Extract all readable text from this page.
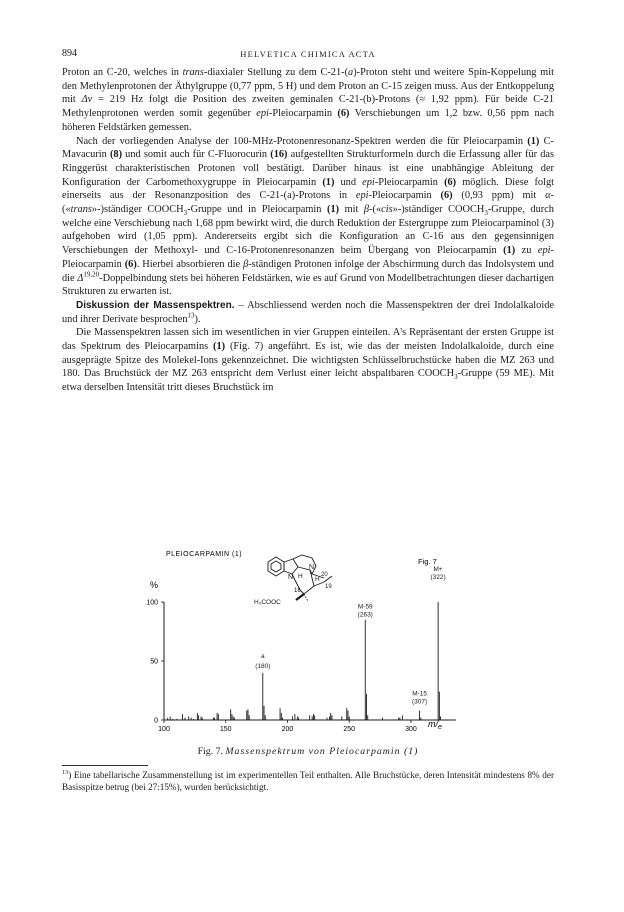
894	HELVETICA CHIMICA ACTA

Proton an C-20, welches in trans-diaxialer Stellung zu dem C-21-(a)-Proton steht und weitere Spin-Koppelung mit den Methylenprotonen der Äthylgruppe (0,77 ppm, 5 H) und dem Proton an C-15 zeigen muss. Aus der Entkoppelung mit Δν = 219 Hz folgt die Position des zweiten geminalen C-21-(b)-Protons (≈ 1,92 ppm). Für beide C-21 Methylenprotonen werden somit gegenüber epi-Pleiocarpamin (6) Verschiebungen um 1,2 bzw. 0,56 ppm nach höheren Feldstärken gemessen.

Nach der vorliegenden Analyse der 100-MHz-Protonenresonanz-Spektren werden die für Pleiocarpamin (1) C-Mavacurin (8) und somit auch für C-Fluorocurin (16) aufgestellten Strukturformeln durch die Erfassung aller für das Ringgerüst charakteristischen Protonen voll bestätigt. Darüber hinaus ist eine unabhängige Ableitung der Konfiguration der Carbomethoxygruppe in Pleiocarpamin (1) und epi-Pleiocarpamin (6) möglich. Diese folgt einerseits aus der Resonanzposition des C-21-(a)-Protons in epi-Pleiocarpamin (6) (0,93 ppm) mit α-(«trans»-)ständiger $COOCH_3$-Gruppe und in Pleiocarpamin (1) mit β-(«cis»-)ständiger $COOCH_3$-Gruppe, durch welche eine Verschiebung nach 1,68 ppm bewirkt wird, die durch Reduktion der Estergruppe zum Pleiocarpaminol (3) aufgehoben wird (1,05 ppm). Andererseits ergibt sich die Konfiguration an C-16 aus den gegensinnigen Verschiebungen der Methoxyl- und C-16-Protonenresonanzen beim Übergang von Pleiocarpamin (1) zu epi-Pleiocarpamin (6). Hierbei absorbieren die β-ständigen Protonen infolge der Abschirmung durch das Indolsystem und die Δ$^{19,20}$-Doppelbindung stets bei höheren Feldstärken, wie es auf Grund von Modellbetrachtungen dieser dachartigen Strukturen zu erwarten ist.

Diskussion der Massenspektren. – Abschliessend werden noch die Massenspektren der drei Indolalkaloide und ihrer Derivate besprochen$^{13}$).

Die Massenspektren lassen sich im wesentlichen in vier Gruppen einteilen. A's Repräsentant der ersten Gruppe ist das Spektrum des Pleiocarpamins (1) (Fig. 7) angeführt. Es ist, wie das der meisten Indolalkaloide, durch eine ausgeprägte Spitze des Molekel-Ions gekennzeichnet. Die wichtigsten Schlüsselbruchstücke haben die MZ 263 und 180. Das Bruchstück der MZ 263 entspricht dem Verlust einer leicht abspaltbaren $COOCH_3$-Gruppe (59 ME). Mit etwa derselben Intensität tritt dieses Bruchstück im

PLEIOCARPAMIN (1)
Fig. 7
%
$m/_e$
N
N
H H
16
19
20
H₃COOC
100	150	200	250	300
0
50
100
M+
(322)
M-59
(263)
a
(180)
M-15
(307)
Fig. 7. Massenspektrum von Pleiocarpamin (1)
$^{13}$) Eine tabellarische Zusammenstellung ist im experimentellen Teil enthalten. Alle Bruchstücke, deren Intensität mindestens 8% der Basisspitze betrug (bei 27:15%), wurden berücksichtigt.
